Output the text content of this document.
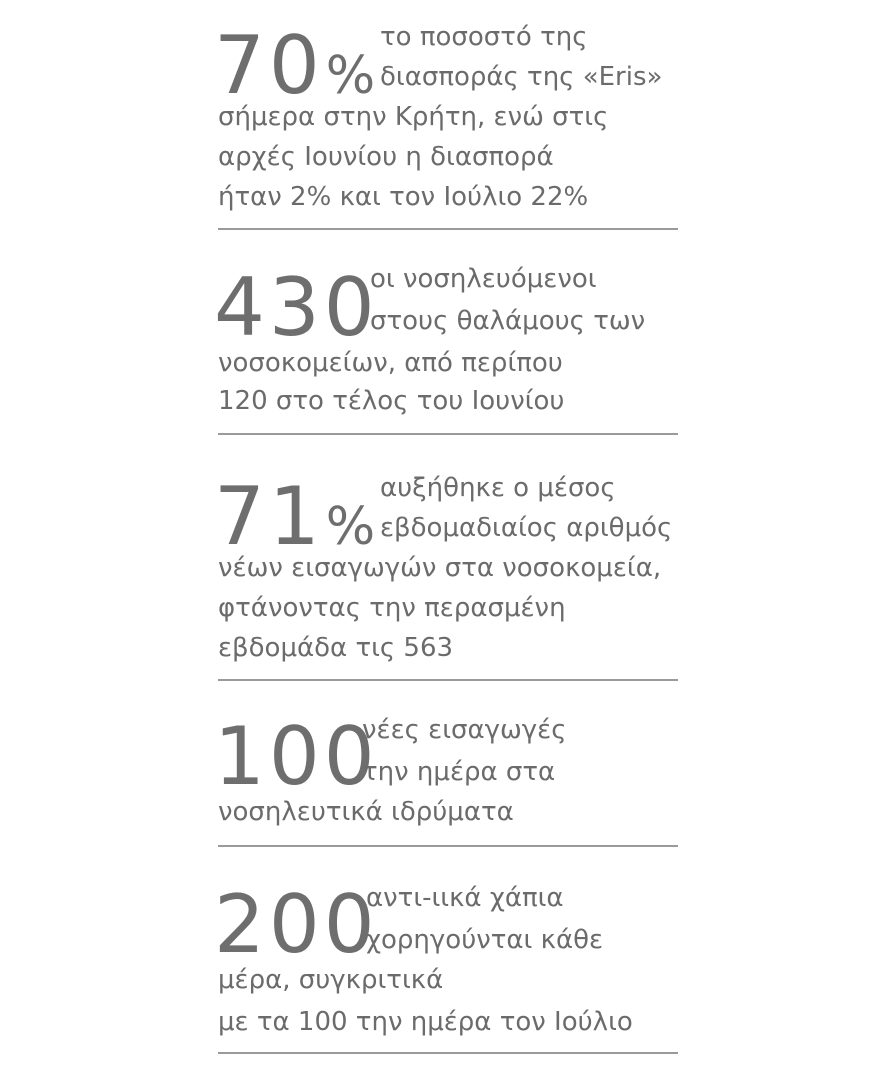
70%
το ποσοστό της
διασποράς της «Eris»
σήμερα στην Κρήτη, ενώ στις
αρχές Ιουνίου η διασπορά
ήταν 2% και τον Ιούλιο 22%
430
οι νοσηλευόμενοι
στους θαλάμους των
νοσοκομείων, από περίπου
120 στο τέλος του Ιουνίου
71%
αυξήθηκε ο μέσος
εβδομαδιαίος αριθμός
νέων εισαγωγών στα νοσοκομεία,
φτάνοντας την περασμένη
εβδομάδα τις 563
100
νέες εισαγωγές
την ημέρα στα
νοσηλευτικά ιδρύματα
200
αντι-ιικά χάπια
χορηγούνται κάθε
μέρα, συγκριτικά
με τα 100 την ημέρα τον Ιούλιο
